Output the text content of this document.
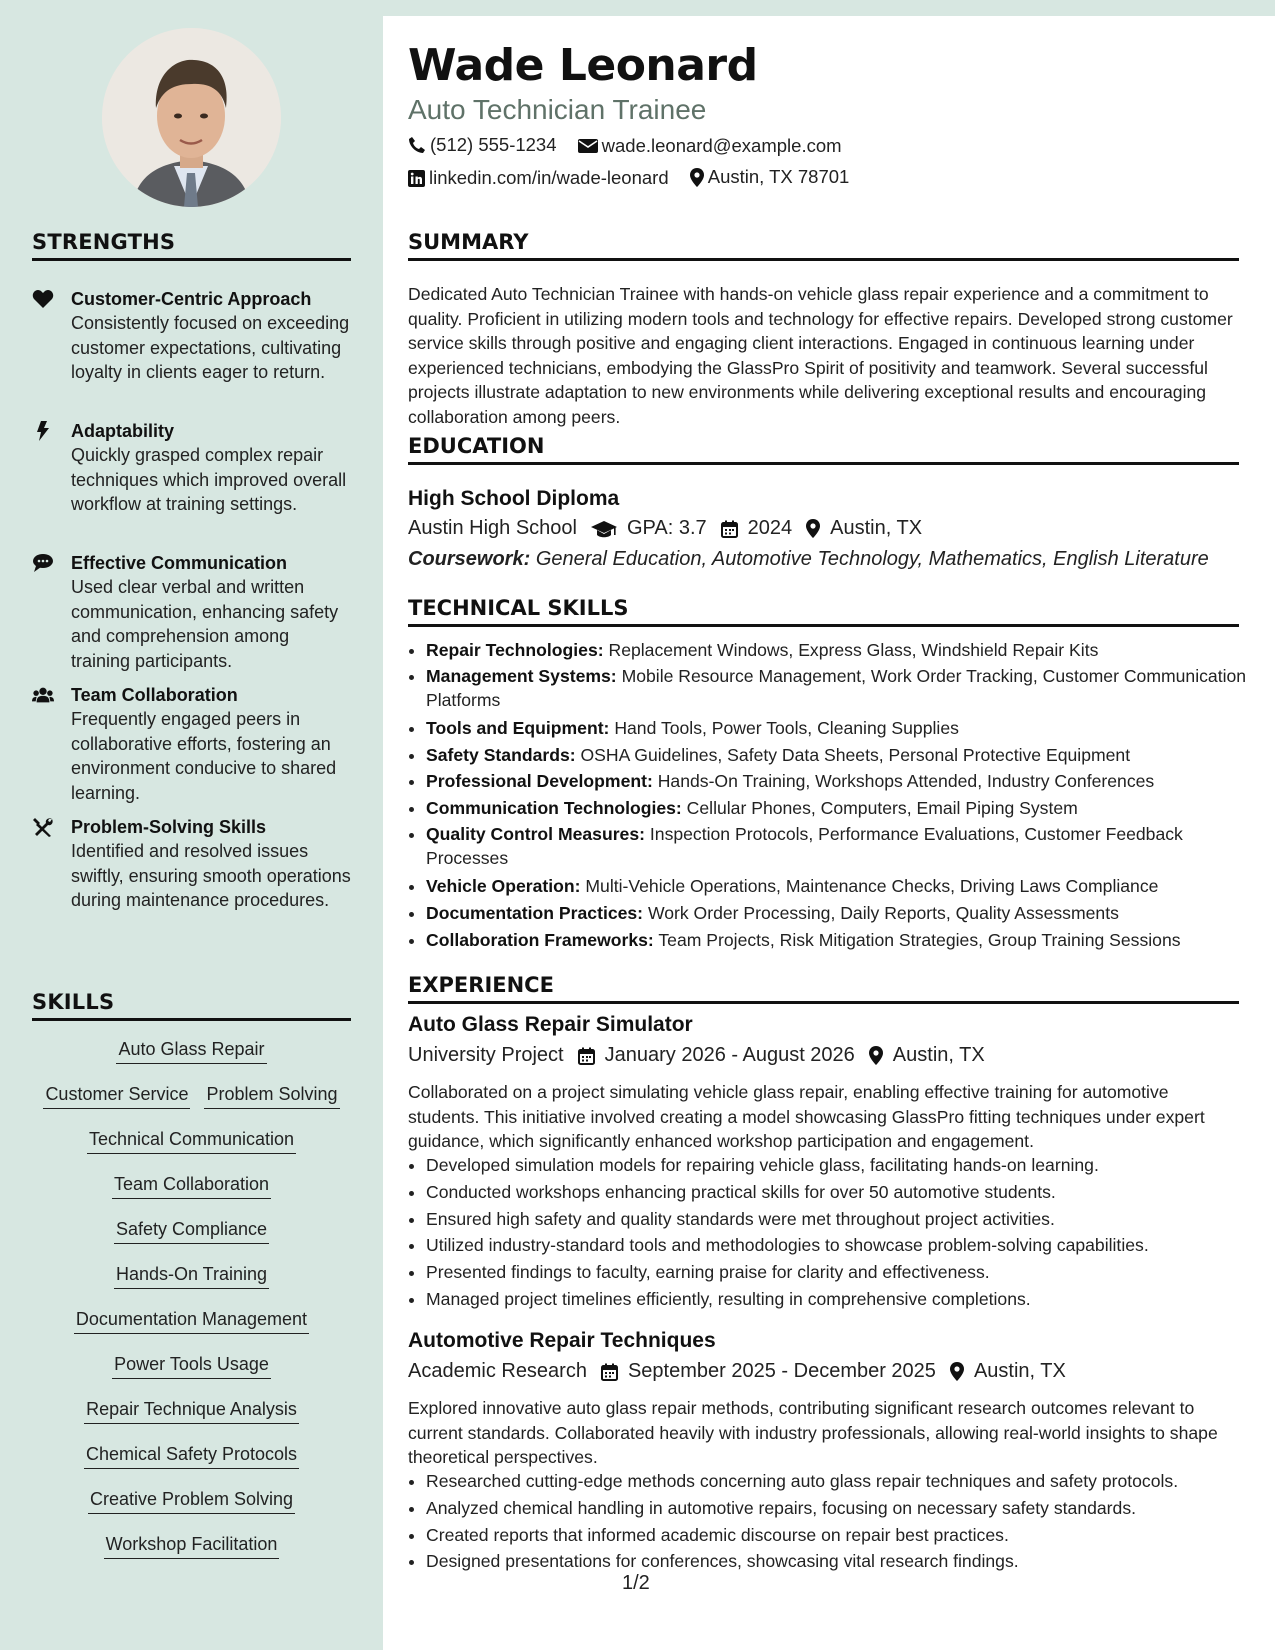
STRENGTHS
Customer-Centric Approach
Consistently focused on exceeding customer expectations, cultivating loyalty in clients eager to return.
Adaptability
Quickly grasped complex repair techniques which improved overall workflow at training settings.
Effective Communication
Used clear verbal and written communication, enhancing safety and comprehension among training participants.
Team Collaboration
Frequently engaged peers in collaborative efforts, fostering an environment conducive to shared learning.
Problem-Solving Skills
Identified and resolved issues swiftly, ensuring smooth operations during maintenance procedures.
SKILLS
Auto Glass Repair
Customer Service Problem Solving
Technical Communication
Team Collaboration
Safety Compliance
Hands-On Training
Documentation Management
Power Tools Usage
Repair Technique Analysis
Chemical Safety Protocols
Creative Problem Solving
Workshop Facilitation
Wade Leonard
Auto Technician Trainee
(512) 555-1234
wade.leonard@example.com
linkedin.com/in/wade-leonard
Austin, TX 78701
SUMMARY
Dedicated Auto Technician Trainee with hands-on vehicle glass repair experience and a commitment to quality. Proficient in utilizing modern tools and technology for effective repairs. Developed strong customer service skills through positive and engaging client interactions. Engaged in continuous learning under experienced technicians, embodying the GlassPro Spirit of positivity and teamwork. Several successful projects illustrate adaptation to new environments while delivering exceptional results and encouraging collaboration among peers.
EDUCATION
High School Diploma
Austin High School	GPA: 3.7 2024 Austin, TX
Coursework: General Education, Automotive Technology, Mathematics, English Literature
TECHNICAL SKILLS
• Repair Technologies: Replacement Windows, Express Glass, Windshield Repair Kits
• Management Systems: Mobile Resource Management, Work Order Tracking, Customer Communication Platforms
• Tools and Equipment: Hand Tools, Power Tools, Cleaning Supplies
• Safety Standards: OSHA Guidelines, Safety Data Sheets, Personal Protective Equipment
• Professional Development: Hands-On Training, Workshops Attended, Industry Conferences
• Communication Technologies: Cellular Phones, Computers, Email Piping System
• Quality Control Measures: Inspection Protocols, Performance Evaluations, Customer Feedback Processes
• Vehicle Operation: Multi-Vehicle Operations, Maintenance Checks, Driving Laws Compliance
• Documentation Practices: Work Order Processing, Daily Reports, Quality Assessments
• Collaboration Frameworks: Team Projects, Risk Mitigation Strategies, Group Training Sessions
EXPERIENCE
Auto Glass Repair Simulator
University Project January 2026 - August 2026 Austin, TX
Collaborated on a project simulating vehicle glass repair, enabling effective training for automotive students. This initiative involved creating a model showcasing GlassPro fitting techniques under expert guidance, which significantly enhanced workshop participation and engagement.
• Developed simulation models for repairing vehicle glass, facilitating hands-on learning.
• Conducted workshops enhancing practical skills for over 50 automotive students.
• Ensured high safety and quality standards were met throughout project activities.
• Utilized industry-standard tools and methodologies to showcase problem-solving capabilities.
• Presented findings to faculty, earning praise for clarity and effectiveness.
• Managed project timelines efficiently, resulting in comprehensive completions.
Automotive Repair Techniques
Academic Research September 2025 - December 2025 Austin, TX
Explored innovative auto glass repair methods, contributing significant research outcomes relevant to current standards. Collaborated heavily with industry professionals, allowing real-world insights to shape theoretical perspectives.
• Researched cutting-edge methods concerning auto glass repair techniques and safety protocols.
• Analyzed chemical handling in automotive repairs, focusing on necessary safety standards.
• Created reports that informed academic discourse on repair best practices.
• Designed presentations for conferences, showcasing vital research findings.
1/2
